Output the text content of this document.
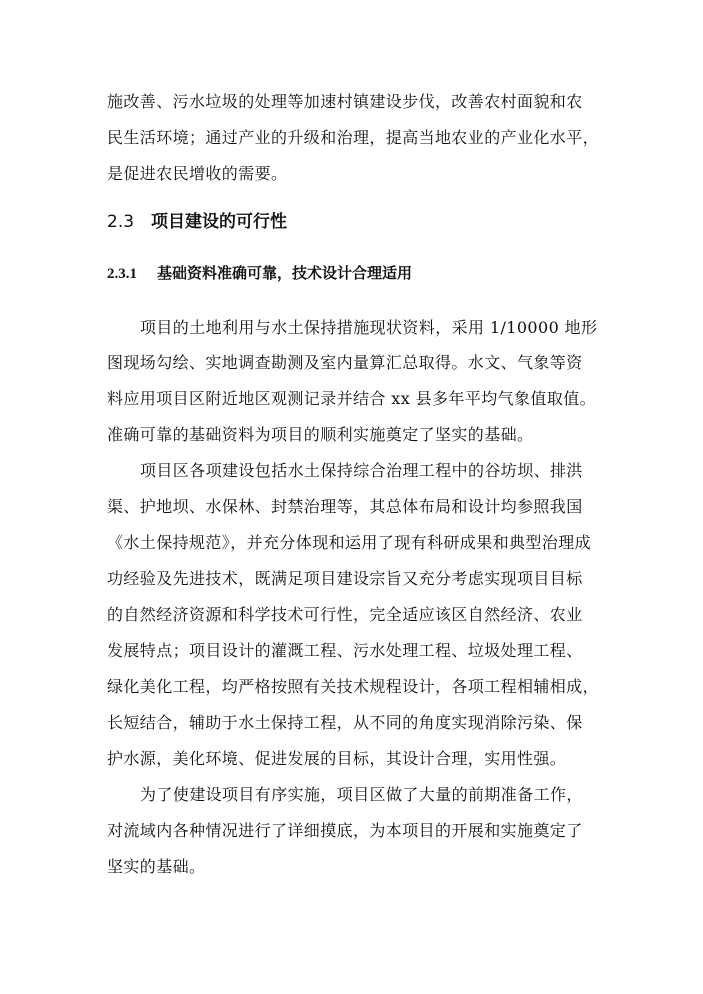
施改善、污水垃圾的处理等加速村镇建设步伐，改善农村面貌和农
民生活环境；通过产业的升级和治理，提高当地农业的产业化水平，
是促进农民增收的需要。
2.3 项目建设的可行性
2.3.1 基础资料准确可靠，技术设计合理适用
项目的土地利用与水土保持措施现状资料，采用 1/10000 地形
图现场勾绘、实地调查勘测及室内量算汇总取得。水文、气象等资
料应用项目区附近地区观测记录并结合 xx 县多年平均气象值取值。
准确可靠的基础资料为项目的顺利实施奠定了坚实的基础。
项目区各项建设包括水土保持综合治理工程中的谷坊坝、排洪
渠、护地坝、水保林、封禁治理等，其总体布局和设计均参照我国
《水土保持规范》，并充分体现和运用了现有科研成果和典型治理成
功经验及先进技术，既满足项目建设宗旨又充分考虑实现项目目标
的自然经济资源和科学技术可行性，完全适应该区自然经济、农业
发展特点；项目设计的灌溉工程、污水处理工程、垃圾处理工程、
绿化美化工程，均严格按照有关技术规程设计，各项工程相辅相成，
长短结合，辅助于水土保持工程，从不同的角度实现消除污染、保
护水源，美化环境、促进发展的目标，其设计合理，实用性强。
为了使建设项目有序实施，项目区做了大量的前期准备工作，
对流域内各种情况进行了详细摸底，为本项目的开展和实施奠定了
坚实的基础。
